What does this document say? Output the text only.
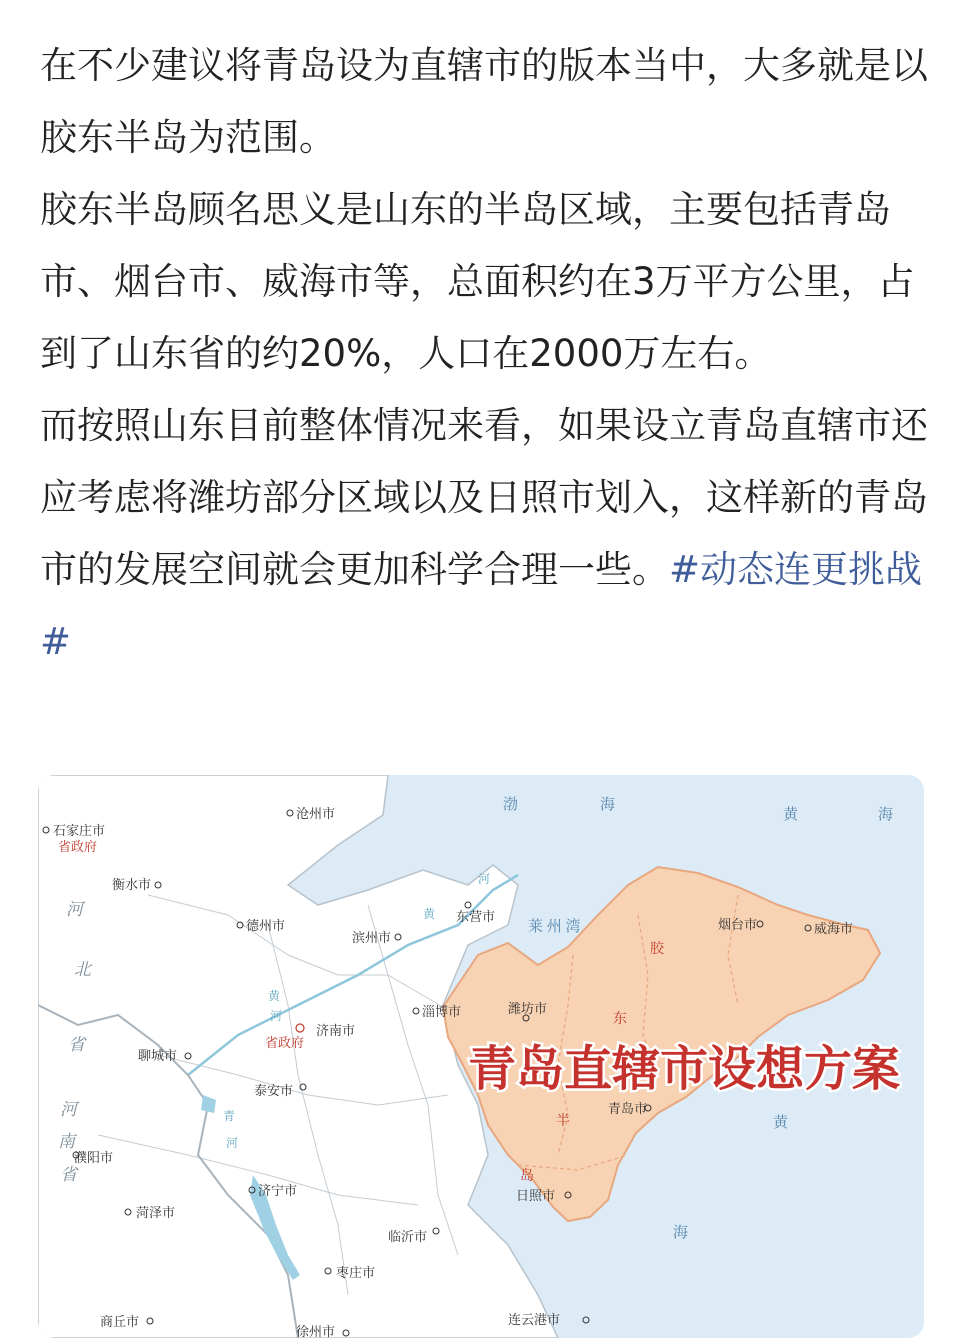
在不少建议将青岛设为直辖市的版本当中，大多就是以胶东半岛为范围。

胶东半岛顾名思义是山东的半岛区域，主要包括青岛市、烟台市、威海市等，总面积约在3万平方公里，占到了山东省的约20%，人口在2000万左右。

而按照山东目前整体情况来看，如果设立青岛直辖市还应考虑将潍坊部分区域以及日照市划入，这样新的青岛市的发展空间就会更加科学合理一些。#动态连更挑战#

青岛直辖市设想方案
渤	海
黄	海
莱 州 湾
黄
海
河
北
省
河
南
省
胶
东
半
岛
黄
河
黄
河
青
河
石家庄市
省政府
衡水市
沧州市
德州市
滨州市
东营市
淄博市	潍坊市
济南市
省政府
聊城市
泰安市
濮阳市
济宁市
菏泽市
临沂市
枣庄市
商丘市
徐州市
连云港市
日照市
青岛市
烟台市	威海市
